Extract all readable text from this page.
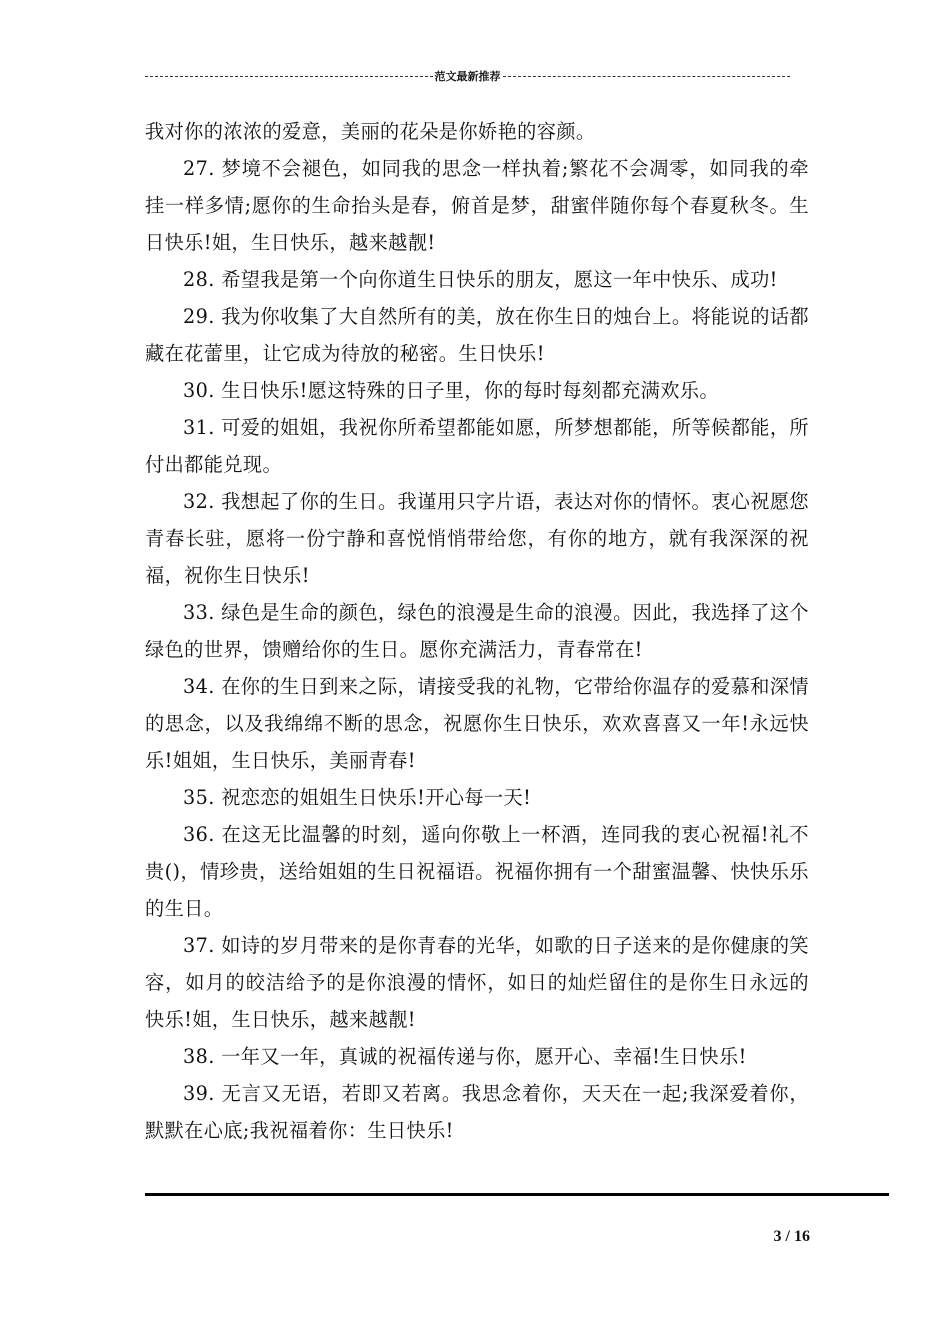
范文最新推荐

我对你的浓浓的爱意，美丽的花朵是你娇艳的容颜。

27. 梦境不会褪色，如同我的思念一样执着;繁花不会凋零，如同我的牵挂一样多情;愿你的生命抬头是春，俯首是梦，甜蜜伴随你每个春夏秋冬。生日快乐!姐，生日快乐，越来越靓!

28. 希望我是第一个向你道生日快乐的朋友，愿这一年中快乐、成功!

29. 我为你收集了大自然所有的美，放在你生日的烛台上。将能说的话都藏在花蕾里，让它成为待放的秘密。生日快乐!

30. 生日快乐!愿这特殊的日子里，你的每时每刻都充满欢乐。

31. 可爱的姐姐，我祝你所希望都能如愿，所梦想都能，所等候都能，所付出都能兑现。

32. 我想起了你的生日。我谨用只字片语，表达对你的情怀。衷心祝愿您青春长驻，愿将一份宁静和喜悦悄悄带给您，有你的地方，就有我深深的祝福，祝你生日快乐!

33. 绿色是生命的颜色，绿色的浪漫是生命的浪漫。因此，我选择了这个绿色的世界，馈赠给你的生日。愿你充满活力，青春常在!

34. 在你的生日到来之际，请接受我的礼物，它带给你温存的爱慕和深情的思念，以及我绵绵不断的思念，祝愿你生日快乐，欢欢喜喜又一年!永远快乐!姐姐，生日快乐，美丽青春!

35. 祝恋恋的姐姐生日快乐!开心每一天!

36. 在这无比温馨的时刻，遥向你敬上一杯酒，连同我的衷心祝福!礼不贵()，情珍贵，送给姐姐的生日祝福语。祝福你拥有一个甜蜜温馨、快快乐乐的生日。

37. 如诗的岁月带来的是你青春的光华，如歌的日子送来的是你健康的笑容，如月的皎洁给予的是你浪漫的情怀，如日的灿烂留住的是你生日永远的快乐!姐，生日快乐，越来越靓!

38. 一年又一年，真诚的祝福传递与你，愿开心、幸福!生日快乐!

39. 无言又无语，若即又若离。我思念着你，天天在一起;我深爱着你，默默在心底;我祝福着你：生日快乐!

3 / 16
